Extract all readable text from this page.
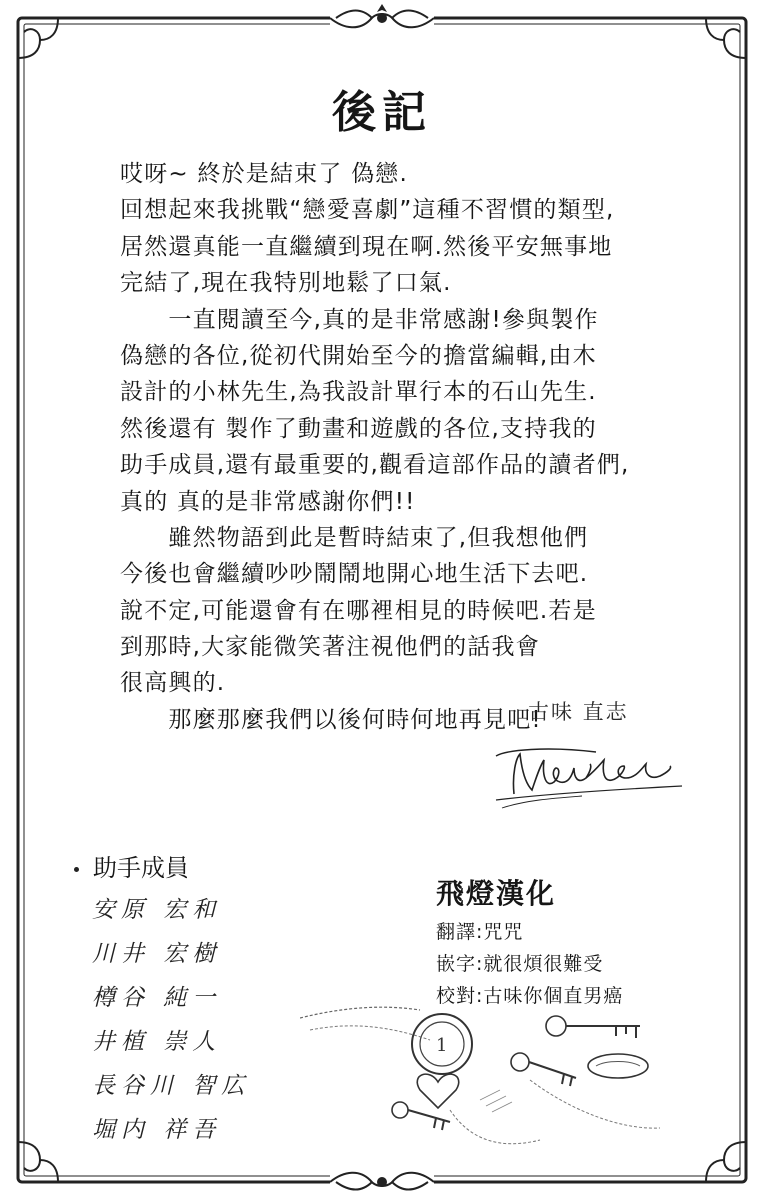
後記
哎呀~ 終於是結束了 偽戀.
回想起來我挑戰“戀愛喜劇”這種不習慣的類型,
居然還真能一直繼續到現在啊.然後平安無事地
完結了,現在我特別地鬆了口氣.
　　一直閱讀至今,真的是非常感謝!參與製作
偽戀的各位,從初代開始至今的擔當編輯,由木
設計的小林先生,為我設計單行本的石山先生.
然後還有 製作了動畫和遊戲的各位,支持我的
助手成員,還有最重要的,觀看這部作品的讀者們,
真的 真的是非常感謝你們!!
　　雖然物語到此是暫時結束了,但我想他們
今後也會繼續吵吵鬧鬧地開心地生活下去吧.
說不定,可能還會有在哪裡相見的時候吧.若是
到那時,大家能微笑著注視他們的話我會
很高興的.
　　那麼那麼我們以後何時何地再見吧!
古味 直志
助手成員
安原 宏和
川井 宏樹
樽谷 純一
井植 崇人
長谷川 智広
堀内 祥吾
1
飛燈漢化
翻譯:咒咒
嵌字:就很煩很難受
校對:古味你個直男癌
